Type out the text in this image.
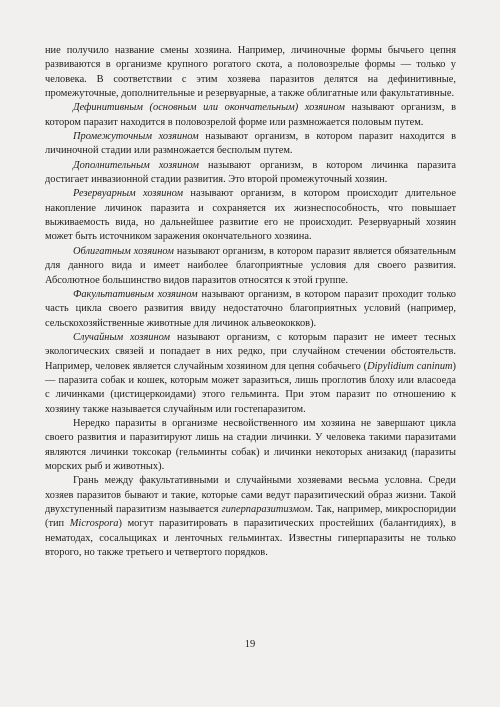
ние получило название смены хозяина. Например, личиночные формы бычьего цепня развиваются в организме крупного рогатого скота, а половозрелые формы — только у человека. В соответствии с этим хозяева паразитов делятся на дефинитивные, промежуточные, дополнительные и резервуарные, а также облигатные или факультативные.

Дефинитивным (основным или окончательным) хозяином называют организм, в котором паразит находится в половозрелой форме или размножается половым путем.

Промежуточным хозяином называют организм, в котором паразит находится в личиночной стадии или размножается бесполым путем.

Дополнительным хозяином называют организм, в котором личинка паразита достигает инвазионной стадии развития. Это второй промежуточный хозяин.

Резервуарным хозяином называют организм, в котором происходит длительное накопление личинок паразита и сохраняется их жизнеспособность, что повышает выживаемость вида, но дальнейшее развитие его не происходит. Резервуарный хозяин может быть источником заражения окончательного хозяина.

Облигатным хозяином называют организм, в котором паразит является обязательным для данного вида и имеет наиболее благоприятные условия для своего развития. Абсолютное большинство видов паразитов относятся к этой группе.

Факультативным хозяином называют организм, в котором паразит проходит только часть цикла своего развития ввиду недостаточно благоприятных условий (например, сельскохозяйственные животные для личинок альвеококков).

Случайным хозяином называют организм, с которым паразит не имеет тесных экологических связей и попадает в них редко, при случайном стечении обстоятельств. Например, человек является случайным хозяином для цепня собачьего (Dipylidium caninum) — паразита собак и кошек, которым может заразиться, лишь проглотив блоху или власоеда с личинками (цистицеркоидами) этого гельминта. При этом паразит по отношению к хозяину также называется случайным или гостепаразитом.

Нередко паразиты в организме несвойственного им хозяина не завершают цикла своего развития и паразитируют лишь на стадии личинки. У человека такими паразитами являются личинки токсокар (гельминты собак) и личинки некоторых анизакид (паразиты морских рыб и животных).

Грань между факультативными и случайными хозяевами весьма условна. Среди хозяев паразитов бывают и такие, которые сами ведут паразитический образ жизни. Такой двухступенный паразитизм называется гиперпаразитизмом. Так, например, микроспоридии (тип Microspora) могут паразитировать в паразитических простейших (балантидиях), в нематодах, сосальщиках и ленточных гельминтах. Известны гиперпаразиты не только второго, но также третьего и четвертого порядков.

19
